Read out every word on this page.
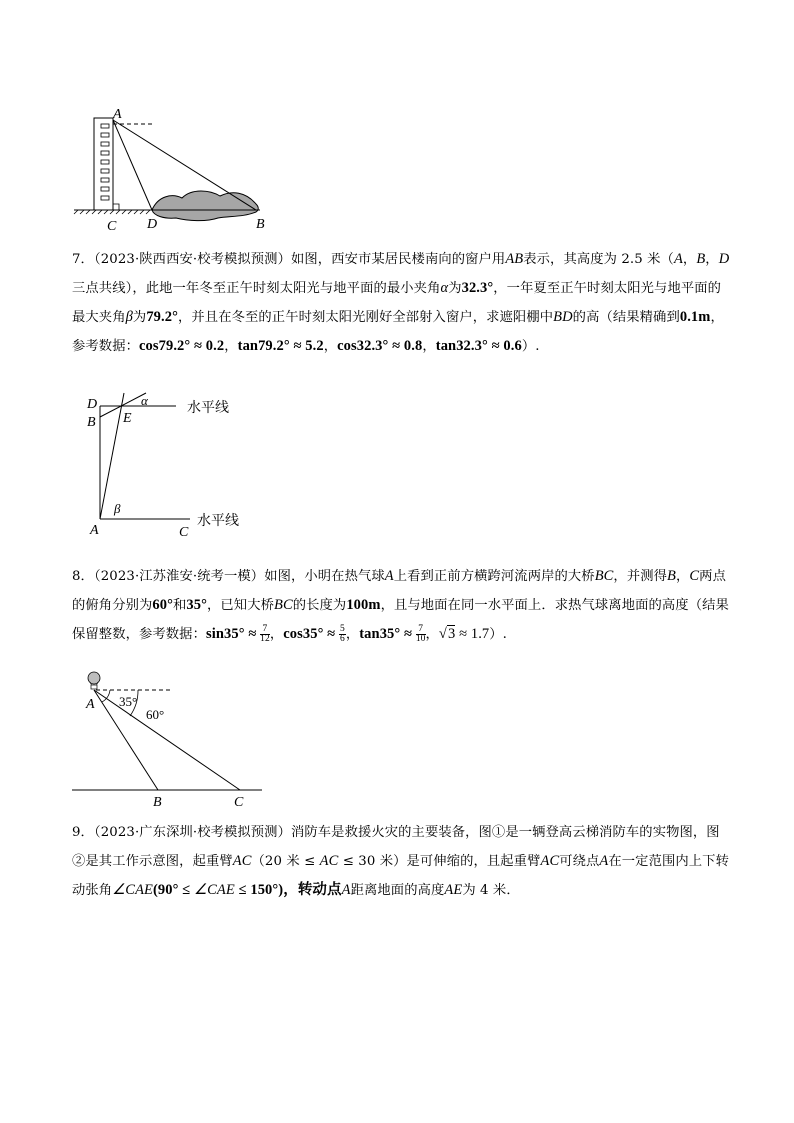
A
C D	B
7．（2023·陕西西安·校考模拟预测）如图，西安市某居民楼南向的窗户用AB表示，其高度为 2.5 米（A，B，D三点共线），此地一年冬至正午时刻太阳光与地平面的最小夹角α为32.3°，一年夏至正午时刻太阳光与地平面的最大夹角β为79.2°，并且在冬至的正午时刻太阳光刚好全部射入窗户，求遮阳棚中BD的高（结果精确到0.1m，参考数据：cos79.2° ≈ 0.2，tan79.2° ≈ 5.2，cos32.3° ≈ 0.8，tan32.3° ≈ 0.6）.
D
B E
α
β
A	C
水平线
水平线
8．（2023·江苏淮安·统考一模）如图，小明在热气球A上看到正前方横跨河流两岸的大桥BC，并测得B，C两点的俯角分别为60°和35°，已知大桥BC的长度为100m，且与地面在同一水平面上．求热气球离地面的高度（结果保留整数，参考数据：$\sin 35^\circ \approx \frac{7}{12}$ ，$\cos 35^\circ \approx \frac{5}{6}$ ，$\tan 35^\circ \approx \frac{7}{10}$ ，√3 ≈ 1.7）.
A 35°
60°
B	C
9．（2023·广东深圳·校考模拟预测）消防车是救援火灾的主要装备，图①是一辆登高云梯消防车的实物图，图②是其工作示意图，起重臂AC（20 米 ≤ AC ≤ 30 米）是可伸缩的，且起重臂AC可绕点A在一定范围内上下转动张角∠CAE(90° ≤ ∠CAE ≤ 150°)，转动点A距离地面的高度AE为 4 米．
